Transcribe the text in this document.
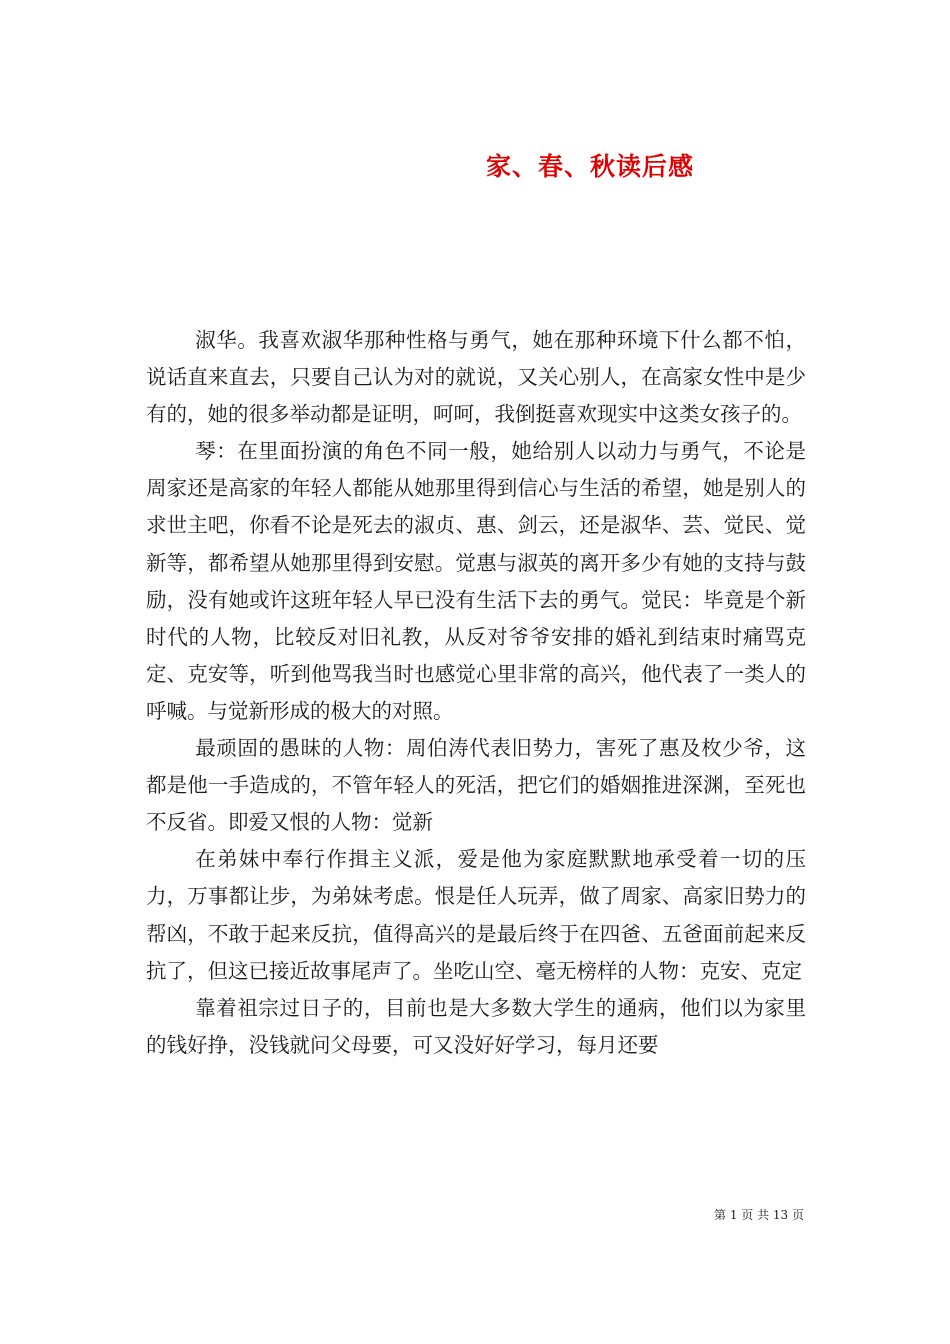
家、春、秋读后感

淑华。我喜欢淑华那种性格与勇气，她在那种环境下什么都不怕，说话直来直去，只要自己认为对的就说，又关心别人，在高家女性中是少有的，她的很多举动都是证明，呵呵，我倒挺喜欢现实中这类女孩子的。

琴：在里面扮演的角色不同一般，她给别人以动力与勇气，不论是周家还是高家的年轻人都能从她那里得到信心与生活的希望，她是别人的求世主吧，你看不论是死去的淑贞、惠、剑云，还是淑华、芸、觉民、觉新等，都希望从她那里得到安慰。觉惠与淑英的离开多少有她的支持与鼓励，没有她或许这班年轻人早已没有生活下去的勇气。觉民：毕竟是个新时代的人物，比较反对旧礼教，从反对爷爷安排的婚礼到结束时痛骂克定、克安等，听到他骂我当时也感觉心里非常的高兴，他代表了一类人的呼喊。与觉新形成的极大的对照。

最顽固的愚昧的人物：周伯涛代表旧势力，害死了惠及枚少爷，这都是他一手造成的，不管年轻人的死活，把它们的婚姻推进深渊，至死也不反省。即爱又恨的人物：觉新

在弟妹中奉行作揖主义派，爱是他为家庭默默地承受着一切的压力，万事都让步，为弟妹考虑。恨是任人玩弄，做了周家、高家旧势力的帮凶，不敢于起来反抗，值得高兴的是最后终于在四爸、五爸面前起来反抗了，但这已接近故事尾声了。坐吃山空、毫无榜样的人物：克安、克定

靠着祖宗过日子的，目前也是大多数大学生的通病，他们以为家里的钱好挣，没钱就问父母要，可又没好好学习，每月还要

第 1 页 共 13 页
